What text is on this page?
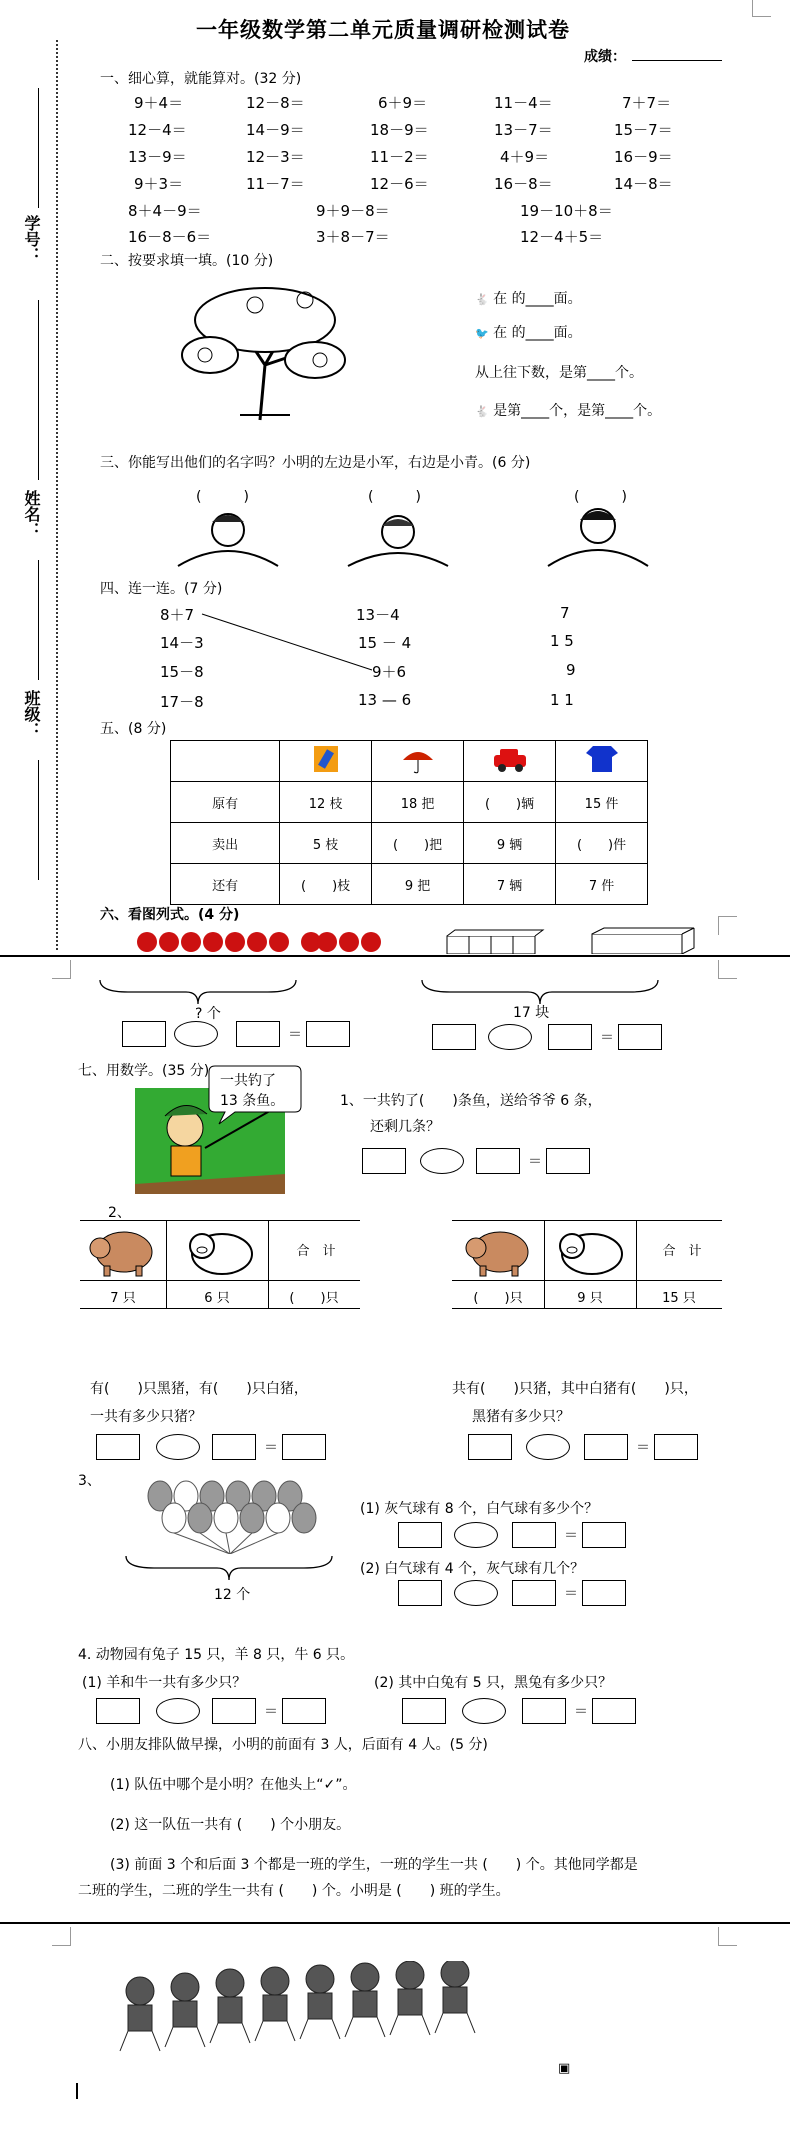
一年级数学第二单元质量调研检测试卷
成绩：
学号：
姓名：
班级：
一、细心算，就能算对。(32 分)
9＋4＝	12－8＝	6＋9＝	11－4＝	7＋7＝
12－4＝	14－9＝	18－9＝	13－7＝	15－7＝
13－9＝	12－3＝	11－2＝	4＋9＝	16－9＝
9＋3＝	11－7＝	12－6＝	16－8＝	14－8＝
8＋4－9＝	9＋9－8＝	19－10＋8＝
16－8－6＝	3＋8－7＝	12－4＋5＝
二、按要求填一填。(10 分)
🐇 在 的____面。
🐦 在 的____面。
从上往下数，是第____个。
🐇 是第____个，是第____个。
三、你能写出他们的名字吗？小明的左边是小军，右边是小青。(6 分)
(　　　)	(　　　)	(　　　)
四、连一连。(7 分)
8＋7
14－3
15－8
17－8
13－4
15 － 4
9＋6
13 — 6
7
1 5
9
1 1
五、(8 分)

原有	12 枝	18 把	(　　)辆	15 件
卖出	5 枝	(　　)把	9 辆	(　　)件
还有	(　　)枝	9 把	7 辆	7 件
六、看图列式。(4 分)
? 个
＝
17 块
＝
七、用数学。(35 分)
一共钓了
13 条鱼。	1、一共钓了(　　)条鱼，送给爷爷 6 条，
还剩几条？
＝
2、
合　计
7 只	6 只	(　　)只
合　计
(　　)只	9 只	15 只
有(　　)只黑猪，有(　　)只白猪，
一共有多少只猪？
＝
共有(　　)只猪，其中白猪有(　　)只，
黑猪有多少只？
＝
3、
12 个
(1) 灰气球有 8 个，白气球有多少个？
＝
(2) 白气球有 4 个，灰气球有几个？
＝
4. 动物园有兔子 15 只，羊 8 只，牛 6 只。
(1) 羊和牛一共有多少只？	(2) 其中白兔有 5 只，黑兔有多少只？
＝	＝
八、小朋友排队做早操，小明的前面有 3 人，后面有 4 人。(5 分)
(1) 队伍中哪个是小明？在他头上“✓”。
(2) 这一队伍一共有 (　　) 个小朋友。
(3) 前面 3 个和后面 3 个都是一班的学生，一班的学生一共 (　　) 个。其他同学都是
二班的学生，二班的学生一共有 (　　) 个。小明是 (　　) 班的学生。
▣
